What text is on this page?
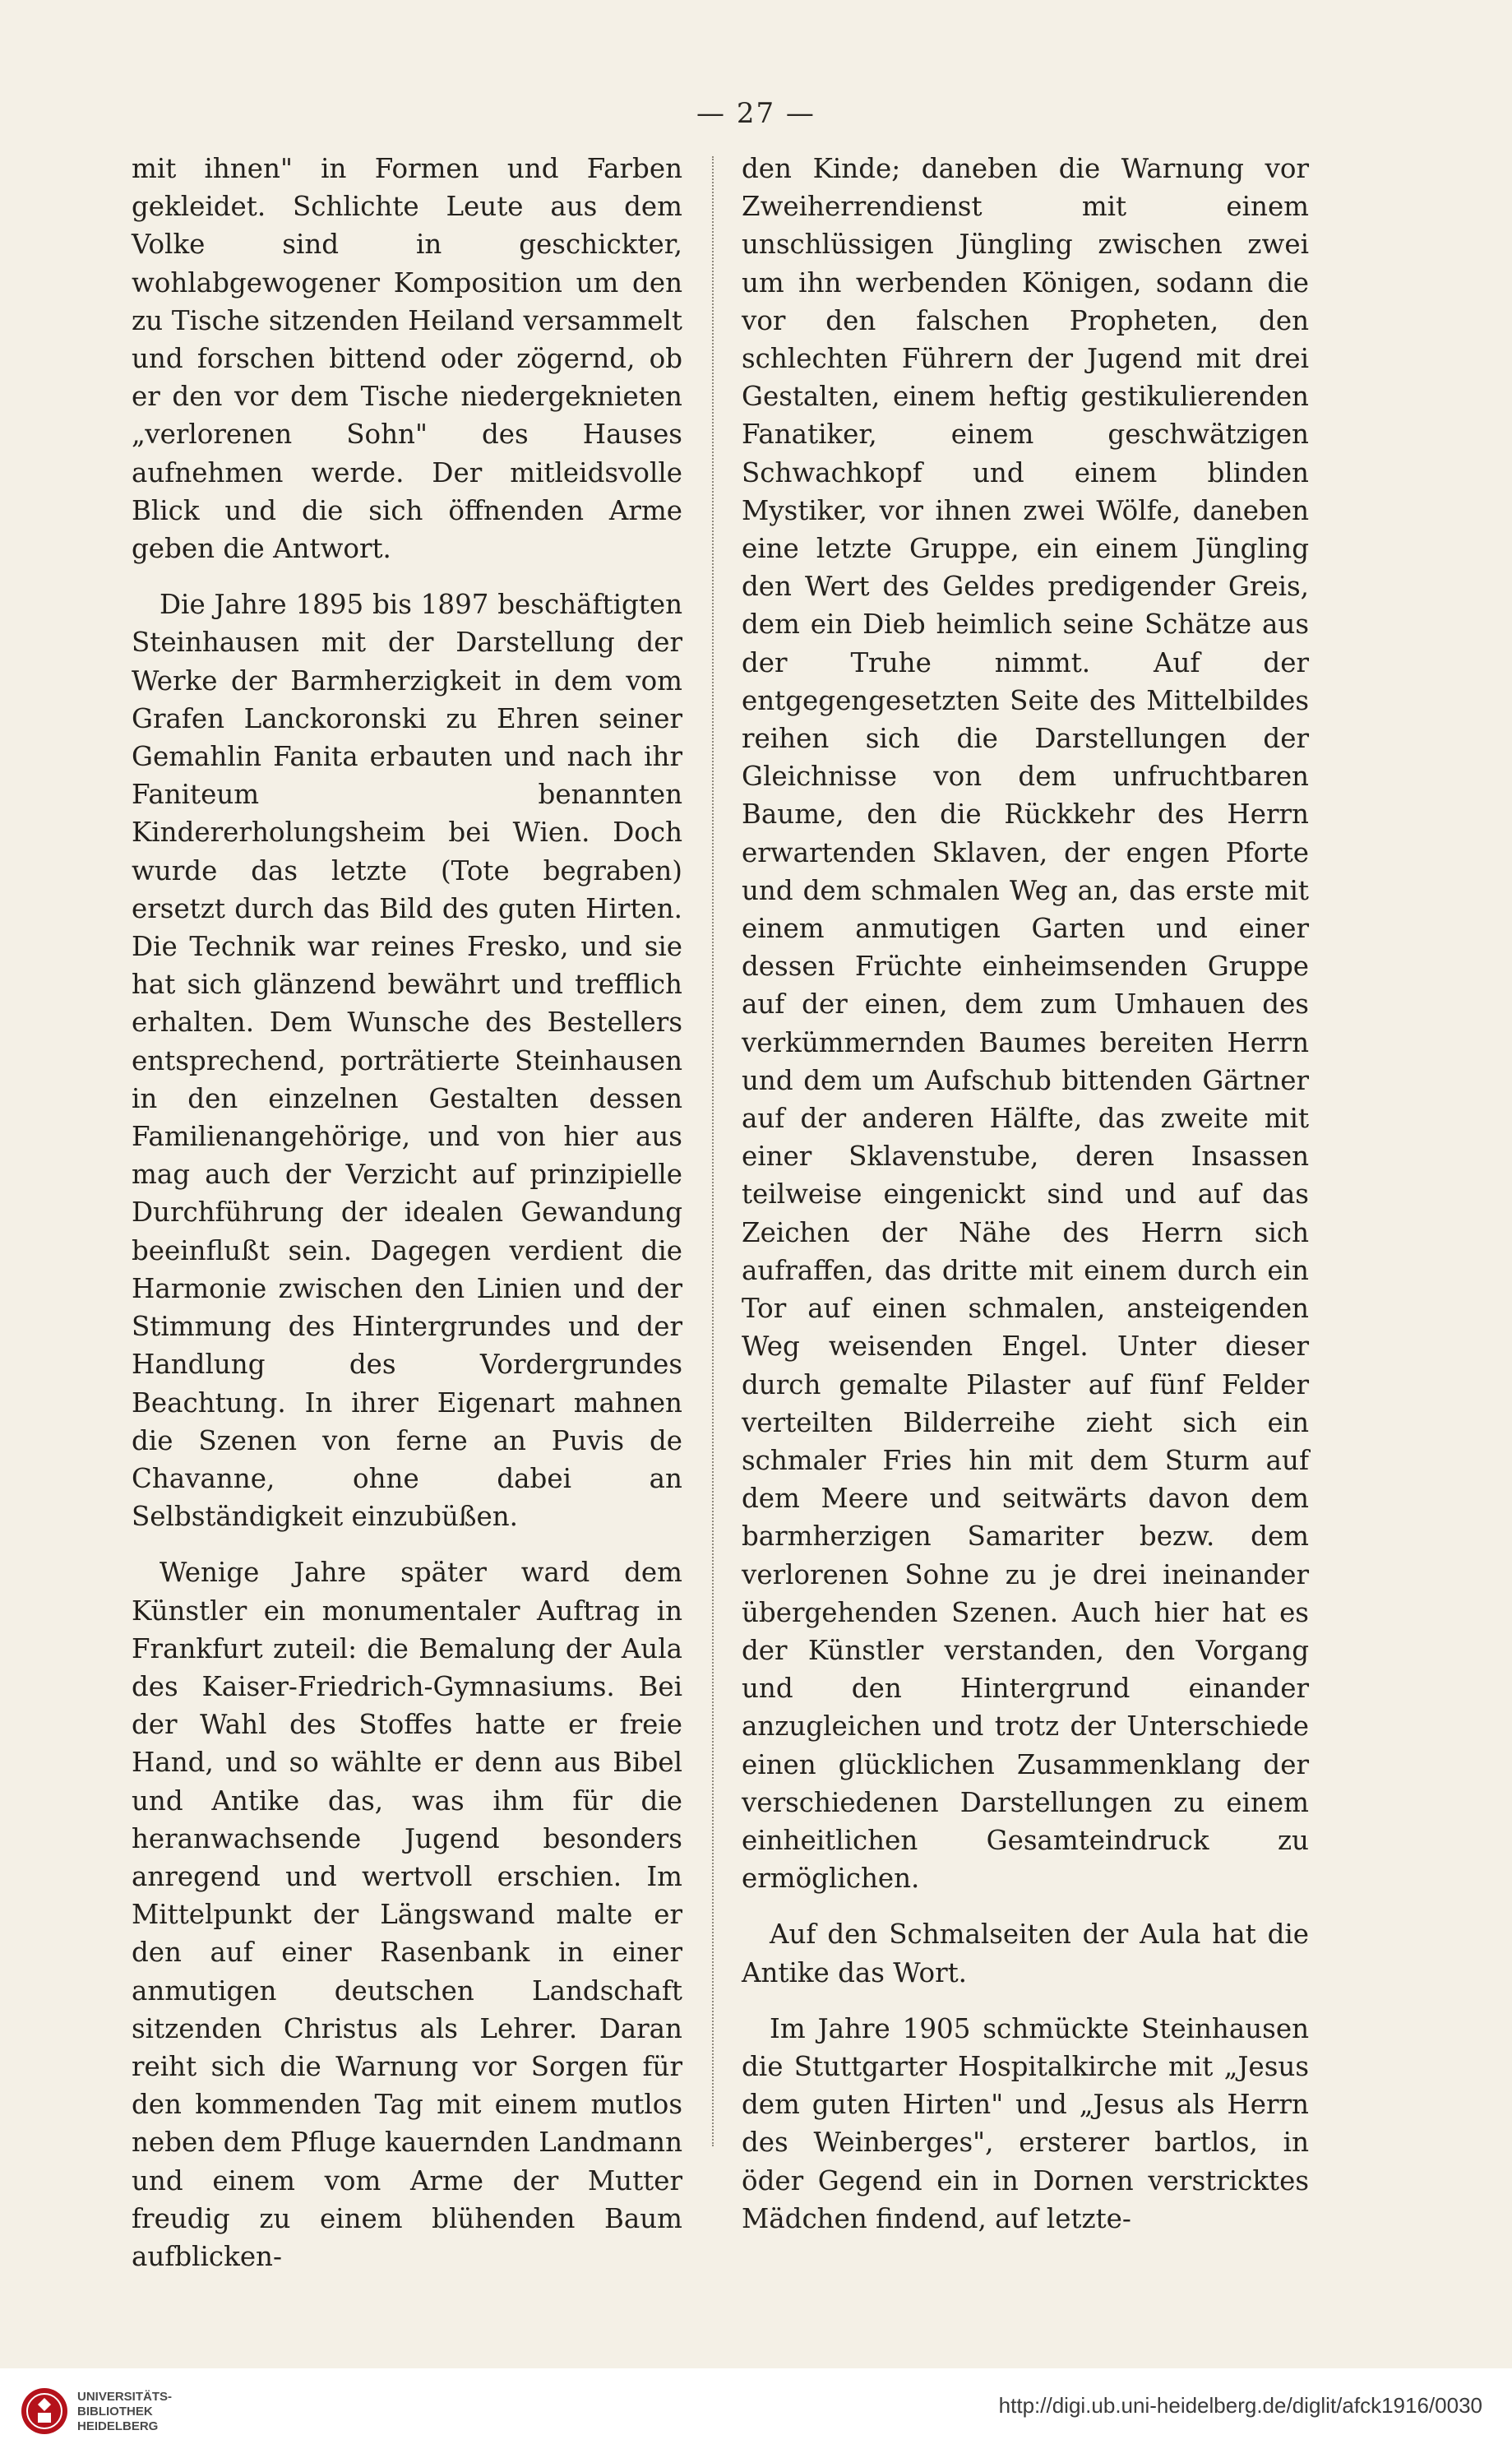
— 27 —

mit ihnen" in Formen und Farben gekleidet. Schlichte Leute aus dem Volke sind in geschickter, wohlabgewogener Komposition um den zu Tische sitzenden Heiland versammelt und forschen bittend oder zögernd, ob er den vor dem Tische niedergeknieten „verlorenen Sohn" des Hauses aufnehmen werde. Der mitleidsvolle Blick und die sich öffnenden Arme geben die Antwort.

Die Jahre 1895 bis 1897 beschäftigten Steinhausen mit der Darstellung der Werke der Barmherzigkeit in dem vom Grafen Lanckoronski zu Ehren seiner Gemahlin Fanita erbauten und nach ihr Faniteum benannten Kindererholungsheim bei Wien. Doch wurde das letzte (Tote begraben) ersetzt durch das Bild des guten Hirten. Die Technik war reines Fresko, und sie hat sich glänzend bewährt und trefflich erhalten. Dem Wunsche des Bestellers entsprechend, porträtierte Steinhausen in den einzelnen Gestalten dessen Familienangehörige, und von hier aus mag auch der Verzicht auf prinzipielle Durchführung der idealen Gewandung beeinflußt sein. Dagegen verdient die Harmonie zwischen den Linien und der Stimmung des Hintergrundes und der Handlung des Vordergrundes Beachtung. In ihrer Eigenart mahnen die Szenen von ferne an Puvis de Chavanne, ohne dabei an Selbständigkeit einzubüßen.

Wenige Jahre später ward dem Künstler ein monumentaler Auftrag in Frankfurt zuteil: die Bemalung der Aula des Kaiser-Friedrich-Gymnasiums. Bei der Wahl des Stoffes hatte er freie Hand, und so wählte er denn aus Bibel und Antike das, was ihm für die heranwachsende Jugend besonders anregend und wertvoll erschien. Im Mittelpunkt der Längswand malte er den auf einer Rasenbank in einer anmutigen deutschen Landschaft sitzenden Christus als Lehrer. Daran reiht sich die Warnung vor Sorgen für den kommenden Tag mit einem mutlos neben dem Pfluge kauernden Landmann und einem vom Arme der Mutter freudig zu einem blühenden Baum aufblicken-

den Kinde; daneben die Warnung vor Zweiherrendienst mit einem unschlüssigen Jüngling zwischen zwei um ihn werbenden Königen, sodann die vor den falschen Propheten, den schlechten Führern der Jugend mit drei Gestalten, einem heftig gestikulierenden Fanatiker, einem geschwätzigen Schwachkopf und einem blinden Mystiker, vor ihnen zwei Wölfe, daneben eine letzte Gruppe, ein einem Jüngling den Wert des Geldes predigender Greis, dem ein Dieb heimlich seine Schätze aus der Truhe nimmt. Auf der entgegengesetzten Seite des Mittelbildes reihen sich die Darstellungen der Gleichnisse von dem unfruchtbaren Baume, den die Rückkehr des Herrn erwartenden Sklaven, der engen Pforte und dem schmalen Weg an, das erste mit einem anmutigen Garten und einer dessen Früchte einheimsenden Gruppe auf der einen, dem zum Umhauen des verkümmernden Baumes bereiten Herrn und dem um Aufschub bittenden Gärtner auf der anderen Hälfte, das zweite mit einer Sklavenstube, deren Insassen teilweise eingenickt sind und auf das Zeichen der Nähe des Herrn sich aufraffen, das dritte mit einem durch ein Tor auf einen schmalen, ansteigenden Weg weisenden Engel. Unter dieser durch gemalte Pilaster auf fünf Felder verteilten Bilderreihe zieht sich ein schmaler Fries hin mit dem Sturm auf dem Meere und seitwärts davon dem barmherzigen Samariter bezw. dem verlorenen Sohne zu je drei ineinander übergehenden Szenen. Auch hier hat es der Künstler verstanden, den Vorgang und den Hintergrund einander anzugleichen und trotz der Unterschiede einen glücklichen Zusammenklang der verschiedenen Darstellungen zu einem einheitlichen Gesamteindruck zu ermöglichen.

Auf den Schmalseiten der Aula hat die Antike das Wort.

Im Jahre 1905 schmückte Steinhausen die Stuttgarter Hospitalkirche mit „Jesus dem guten Hirten" und „Jesus als Herrn des Weinberges", ersterer bartlos, in öder Gegend ein in Dornen verstricktes Mädchen findend, auf letzte-

UNIVERSITÄTS-
BIBLIOTHEK
HEIDELBERG
http://digi.ub.uni-heidelberg.de/diglit/afck1916/0030
